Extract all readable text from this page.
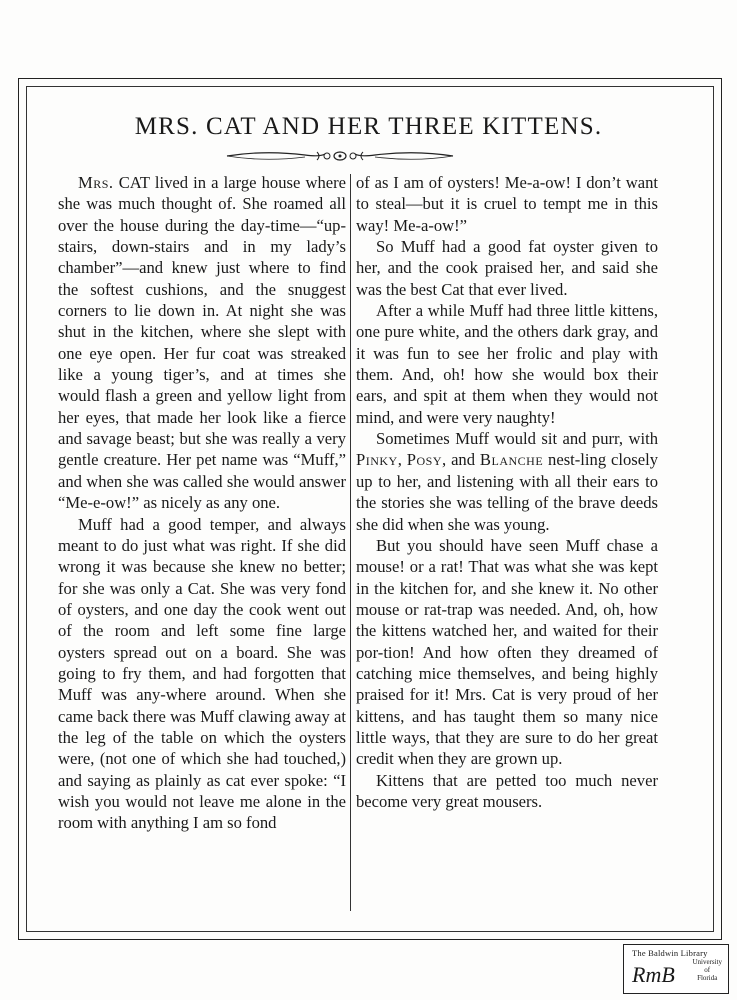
MRS. CAT AND HER THREE KITTENS.

Mrs. CAT lived in a large house where she was much thought of. She roamed all over the house during the day-time—“up-stairs, down-stairs and in my lady’s chamber”—and knew just where to find the softest cushions, and the snuggest corners to lie down in. At night she was shut in the kitchen, where she slept with one eye open. Her fur coat was streaked like a young tiger’s, and at times she would flash a green and yellow light from her eyes, that made her look like a fierce and savage beast; but she was really a very gentle creature. Her pet name was “Muff,” and when she was called she would answer “Me-e-ow!” as nicely as any one.

Muff had a good temper, and always meant to do just what was right. If she did wrong it was because she knew no better; for she was only a Cat. She was very fond of oysters, and one day the cook went out of the room and left some fine large oysters spread out on a board. She was going to fry them, and had forgotten that Muff was any-where around. When she came back there was Muff clawing away at the leg of the table on which the oysters were, (not one of which she had touched,) and saying as plainly as cat ever spoke: “I wish you would not leave me alone in the room with anything I am so fond

of as I am of oysters! Me-a-ow! I don’t want to steal—but it is cruel to tempt me in this way! Me-a-ow!”

So Muff had a good fat oyster given to her, and the cook praised her, and said she was the best Cat that ever lived.

After a while Muff had three little kittens, one pure white, and the others dark gray, and it was fun to see her frolic and play with them. And, oh! how she would box their ears, and spit at them when they would not mind, and were very naughty!

Sometimes Muff would sit and purr, with Pinky, Posy, and Blanche nest-ling closely up to her, and listening with all their ears to the stories she was telling of the brave deeds she did when she was young.

But you should have seen Muff chase a mouse! or a rat! That was what she was kept in the kitchen for, and she knew it. No other mouse or rat-trap was needed. And, oh, how the kittens watched her, and waited for their por-tion! And how often they dreamed of catching mice themselves, and being highly praised for it! Mrs. Cat is very proud of her kittens, and has taught them so many nice little ways, that they are sure to do her great credit when they are grown up.

Kittens that are petted too much never become very great mousers.

The Baldwin Library
RmB	University
of
Florida
